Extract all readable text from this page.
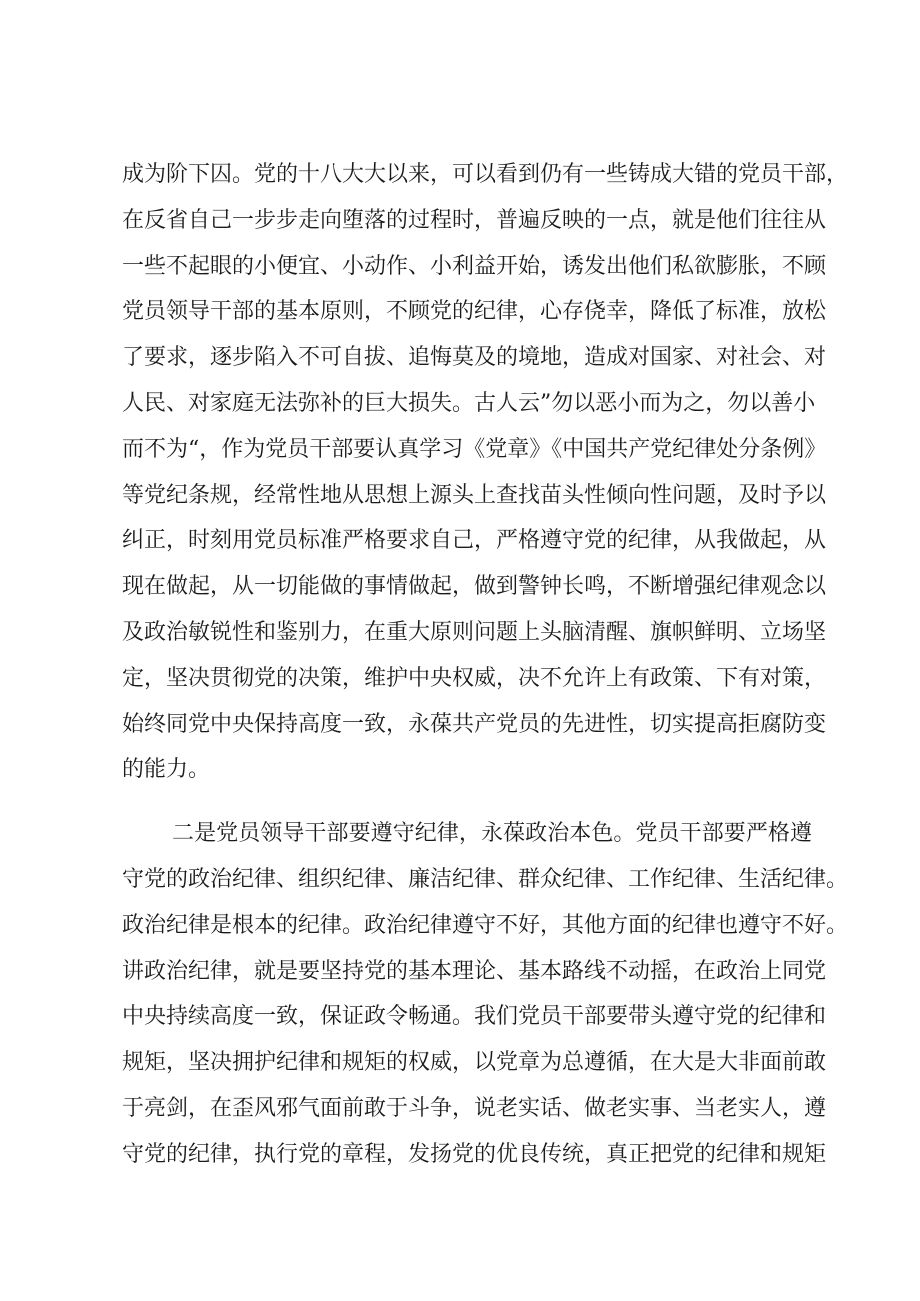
成为阶下囚。党的十八大大以来，可以看到仍有一些铸成大错的党员干部，
在反省自己一步步走向堕落的过程时，普遍反映的一点，就是他们往往从
一些不起眼的小便宜、小动作、小利益开始，诱发出他们私欲膨胀，不顾
党员领导干部的基本原则，不顾党的纪律，心存侥幸，降低了标准，放松
了要求，逐步陷入不可自拔、追悔莫及的境地，造成对国家、对社会、对
人民、对家庭无法弥补的巨大损失。古人云”勿以恶小而为之，勿以善小
而不为“，作为党员干部要认真学习《党章》《中国共产党纪律处分条例》
等党纪条规，经常性地从思想上源头上查找苗头性倾向性问题，及时予以
纠正，时刻用党员标准严格要求自己，严格遵守党的纪律，从我做起，从
现在做起，从一切能做的事情做起，做到警钟长鸣，不断增强纪律观念以
及政治敏锐性和鉴别力，在重大原则问题上头脑清醒、旗帜鲜明、立场坚
定，坚决贯彻党的决策，维护中央权威，决不允许上有政策、下有对策，
始终同党中央保持高度一致，永葆共产党员的先进性，切实提高拒腐防变
的能力。
二是党员领导干部要遵守纪律，永葆政治本色。党员干部要严格遵
守党的政治纪律、组织纪律、廉洁纪律、群众纪律、工作纪律、生活纪律。
政治纪律是根本的纪律。政治纪律遵守不好，其他方面的纪律也遵守不好。
讲政治纪律，就是要坚持党的基本理论、基本路线不动摇，在政治上同党
中央持续高度一致，保证政令畅通。我们党员干部要带头遵守党的纪律和
规矩，坚决拥护纪律和规矩的权威，以党章为总遵循，在大是大非面前敢
于亮剑，在歪风邪气面前敢于斗争，说老实话、做老实事、当老实人，遵
守党的纪律，执行党的章程，发扬党的优良传统，真正把党的纪律和规矩
